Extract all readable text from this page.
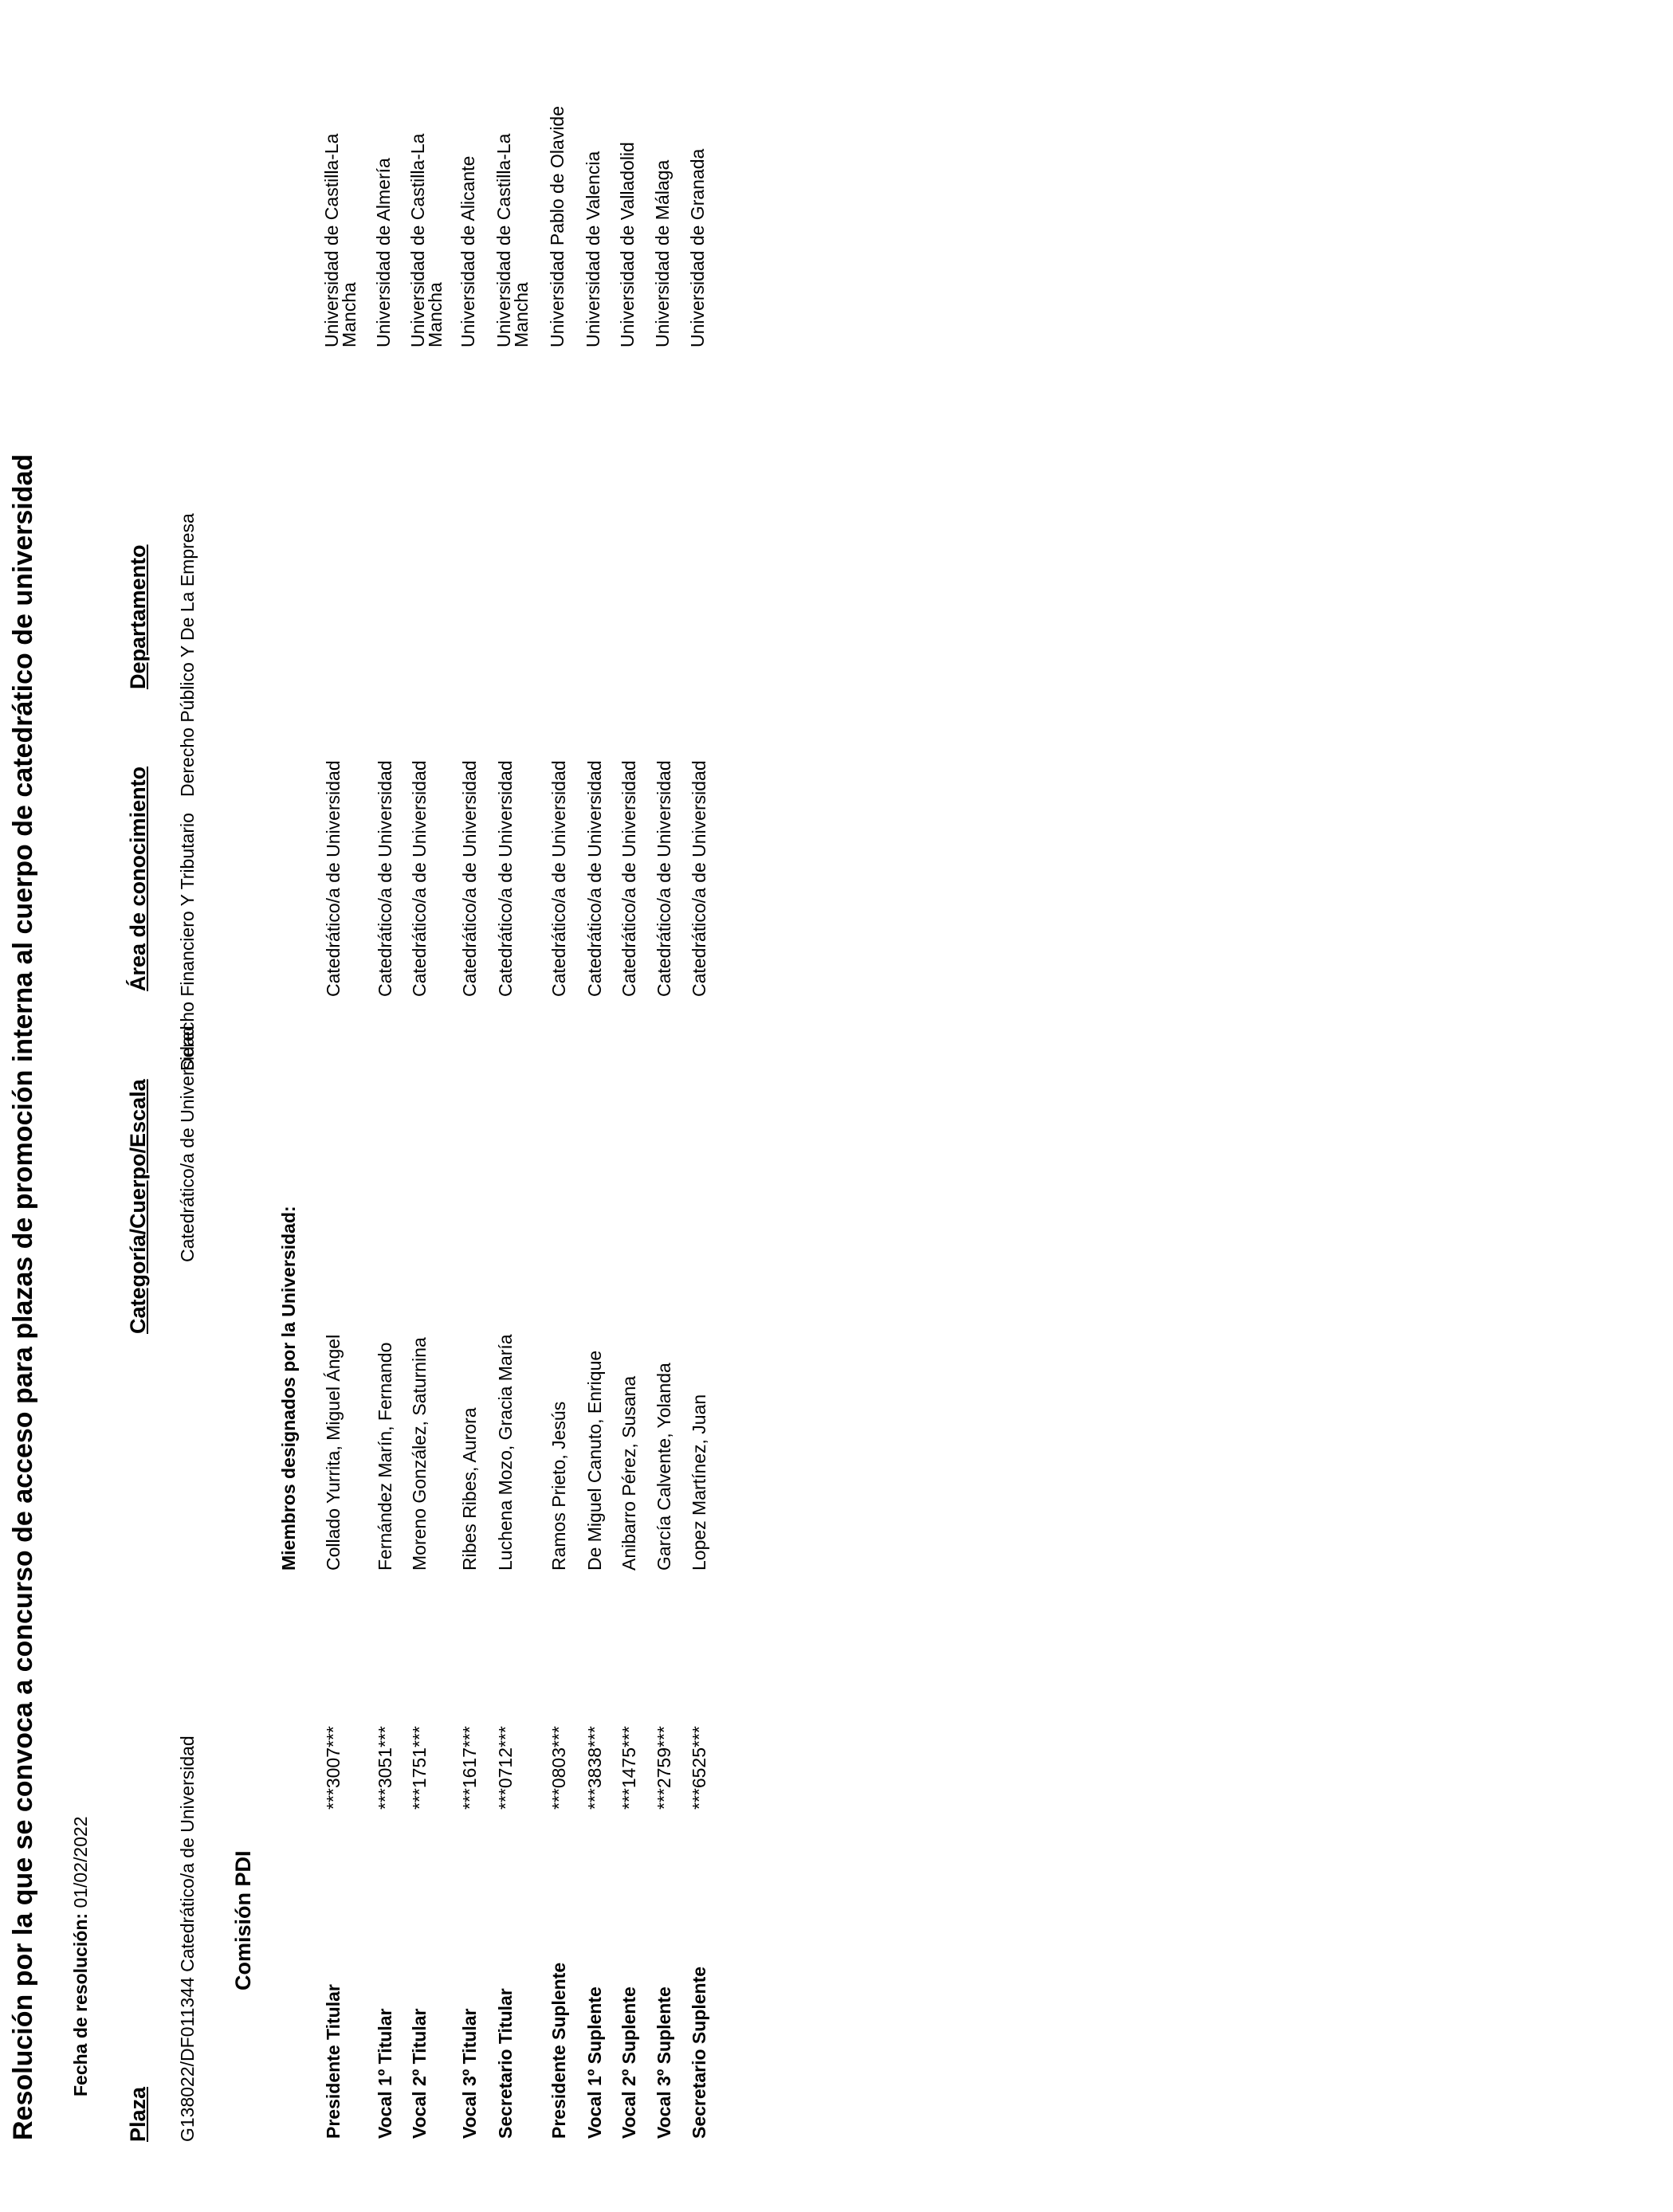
Resolución por la que se convoca a concurso de acceso para plazas de promoción interna al cuerpo de catedrático de universidad Fecha de resolución: 01/02/2022
Plaza
Categoría/Cuerpo/Escala
Área de conocimiento
Departamento
G138022/DF011344 Catedrático/a de Universidad
Catedrático/a de Universidad
Derecho Financiero Y Tributario
Derecho Público Y De La Empresa
Comisión PDI
Miembros designados por la Universidad:
Presidente Titular
***3007***
Collado Yurrita, Miguel Ángel
Catedrático/a de Universidad
Universidad de Castilla-La Mancha
Vocal 1º Titular
***3051***
Fernández Marín, Fernando
Catedrático/a de Universidad
Universidad de Almería
Vocal 2º Titular
***1751***
Moreno González, Saturnina
Catedrático/a de Universidad
Universidad de Castilla-La Mancha
Vocal 3º Titular
***1617***
Ribes Ribes, Aurora
Catedrático/a de Universidad
Universidad de Alicante
Secretario Titular
***0712***
Luchena Mozo, Gracia María
Catedrático/a de Universidad
Universidad de Castilla-La Mancha
Presidente Suplente
***0803***
Ramos Prieto, Jesús
Catedrático/a de Universidad
Universidad Pablo de Olavide
Vocal 1º Suplente
***3838***
De Miguel Canuto, Enrique
Catedrático/a de Universidad
Universidad de Valencia
Vocal 2º Suplente
***1475***
Anibarro Pérez, Susana
Catedrático/a de Universidad
Universidad de Valladolid
Vocal 3º Suplente
***2759***
García Calvente, Yolanda
Catedrático/a de Universidad
Universidad de Málaga
Secretario Suplente
***6525***
Lopez Martínez, Juan
Catedrático/a de Universidad
Universidad de Granada
